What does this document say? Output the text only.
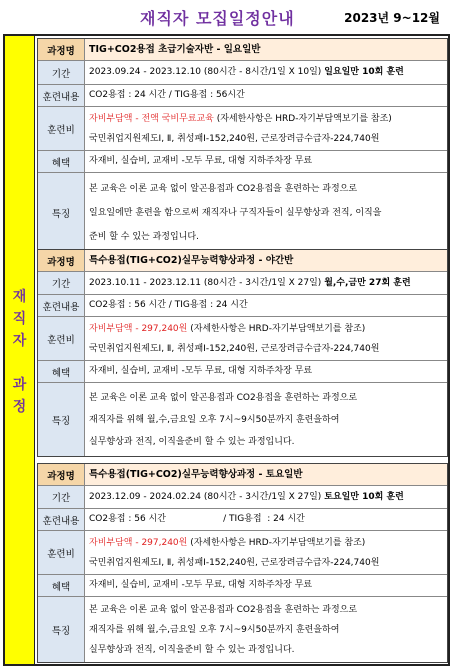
재직자 모집일정안내	2023년 9~12월
재
직
자

과
정
과정명	TIG+CO2용접 초급기술자반 - 일요일반
기간	2023.09.24 - 2023.12.10 (80시간 - 8시간/1일 X 10일) 일요일만 10회 훈련
훈련내용	CO2용접 : 24 시간 / TIG용접 : 56시간
훈련비
자비부담액 - 전액 국비무료교육 (자세한사항은 HRD-자기부담액보기를 참조)
국민취업지원제도Ⅰ, Ⅱ, 취성패Ⅰ-152,240원, 근로장려금수급자-224,740원
혜택	자재비, 실습비, 교재비 -모두 무료, 대형 지하주차장 무료
특징
본 교육은 이론 교육 없이 알곤용접과 CO2용접을 훈련하는 과정으로
일요일에만 훈련을 함으로써 재직자나 구직자들이 실무향상과 전직, 이직을
준비 할 수 있는 과정입니다.
과정명	특수용접(TIG+CO2)실무능력향상과정 - 야간반
기간	2023.10.11 - 2023.12.11 (80시간 - 3시간/1일 X 27일) 월,수,금만 27회 훈련
훈련내용	CO2용접 : 56 시간 / TIG용접 : 24 시간
훈련비
자비부담액 - 297,240원 (자세한사항은 HRD-자기부담액보기를 참조)
국민취업지원제도Ⅰ, Ⅱ, 취성패Ⅰ-152,240원, 근로장려금수급자-224,740원
혜택	자재비, 실습비, 교재비 -모두 무료, 대형 지하주차장 무료
특징
본 교육은 이론 교육 없이 알곤용접과 CO2용접을 훈련하는 과정으로
재직자를 위해 월,수,금요일 오후 7시~9시50분까지 훈련을하여
실무향상과 전직, 이직을준비 할 수 있는 과정입니다.
과정명	특수용접(TIG+CO2)실무능력향상과정 - 토요일반
기간	2023.12.09 - 2024.02.24 (80시간 - 3시간/1일 X 27일) 토요일만 10회 훈련
훈련내용	CO2용접 : 56 시간                    / TIG용접  : 24 시간
훈련비
자비부담액 - 297,240원 (자세한사항은 HRD-자기부담액보기를 참조)
국민취업지원제도Ⅰ, Ⅱ, 취성패Ⅰ-152,240원, 근로장려금수급자-224,740원
혜택	자재비, 실습비, 교재비 -모두 무료, 대형 지하주차장 무료
특징
본 교육은 이론 교육 없이 알곤용접과 CO2용접을 훈련하는 과정으로
재직자를 위해 월,수,금요일 오후 7시~9시50분까지 훈련을하여
실무향상과 전직, 이직을준비 할 수 있는 과정입니다.
